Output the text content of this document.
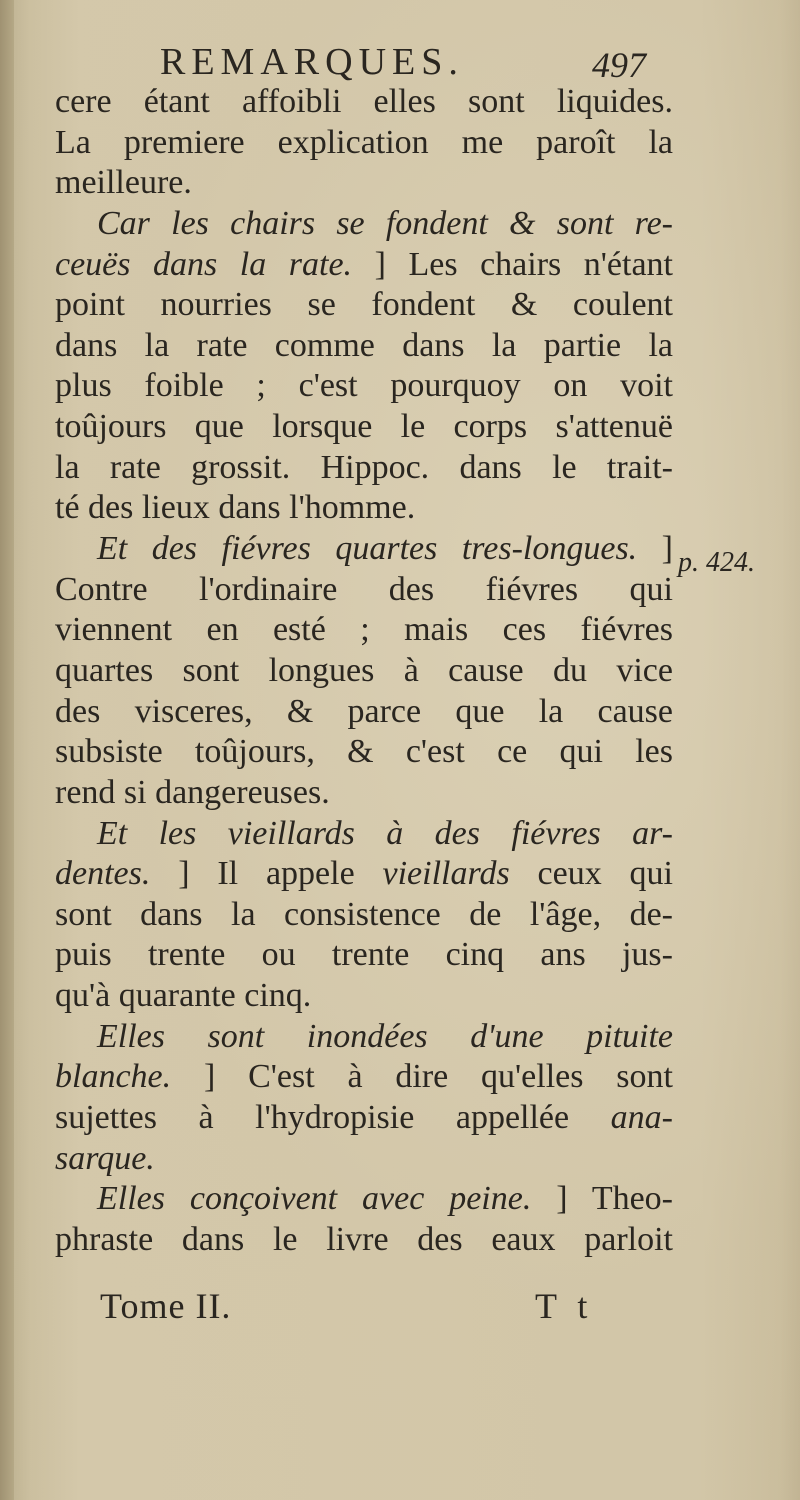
REMARQUES.	497
cere étant affoibli elles sont liquides.
La premiere explication me paroît la
meilleure.
Car les chairs se fondent & sont re-
ceuës dans la rate. ] Les chairs n'étant
point nourries se fondent & coulent
dans la rate comme dans la partie la
plus foible ; c'est pourquoy on voit
toûjours que lorsque le corps s'attenuë
la rate grossit. Hippoc. dans le trait-
té des lieux dans l'homme.
Et des fiévres quartes tres-longues. ]
Contre l'ordinaire des fiévres qui
viennent en esté ; mais ces fiévres
quartes sont longues à cause du vice
des visceres, & parce que la cause
subsiste toûjours, & c'est ce qui les
rend si dangereuses.
Et les vieillards à des fiévres ar-
dentes. ] Il appele vieillards ceux qui
sont dans la consistence de l'âge, de-
puis trente ou trente cinq ans jus-
qu'à quarante cinq.
Elles sont inondées d'une pituite
blanche. ] C'est à dire qu'elles sont
sujettes à l'hydropisie appellée ana-
sarque.
Elles conçoivent avec peine. ] Theo-
phraste dans le livre des eaux parloit
p. 424.
Tome II.	T t
